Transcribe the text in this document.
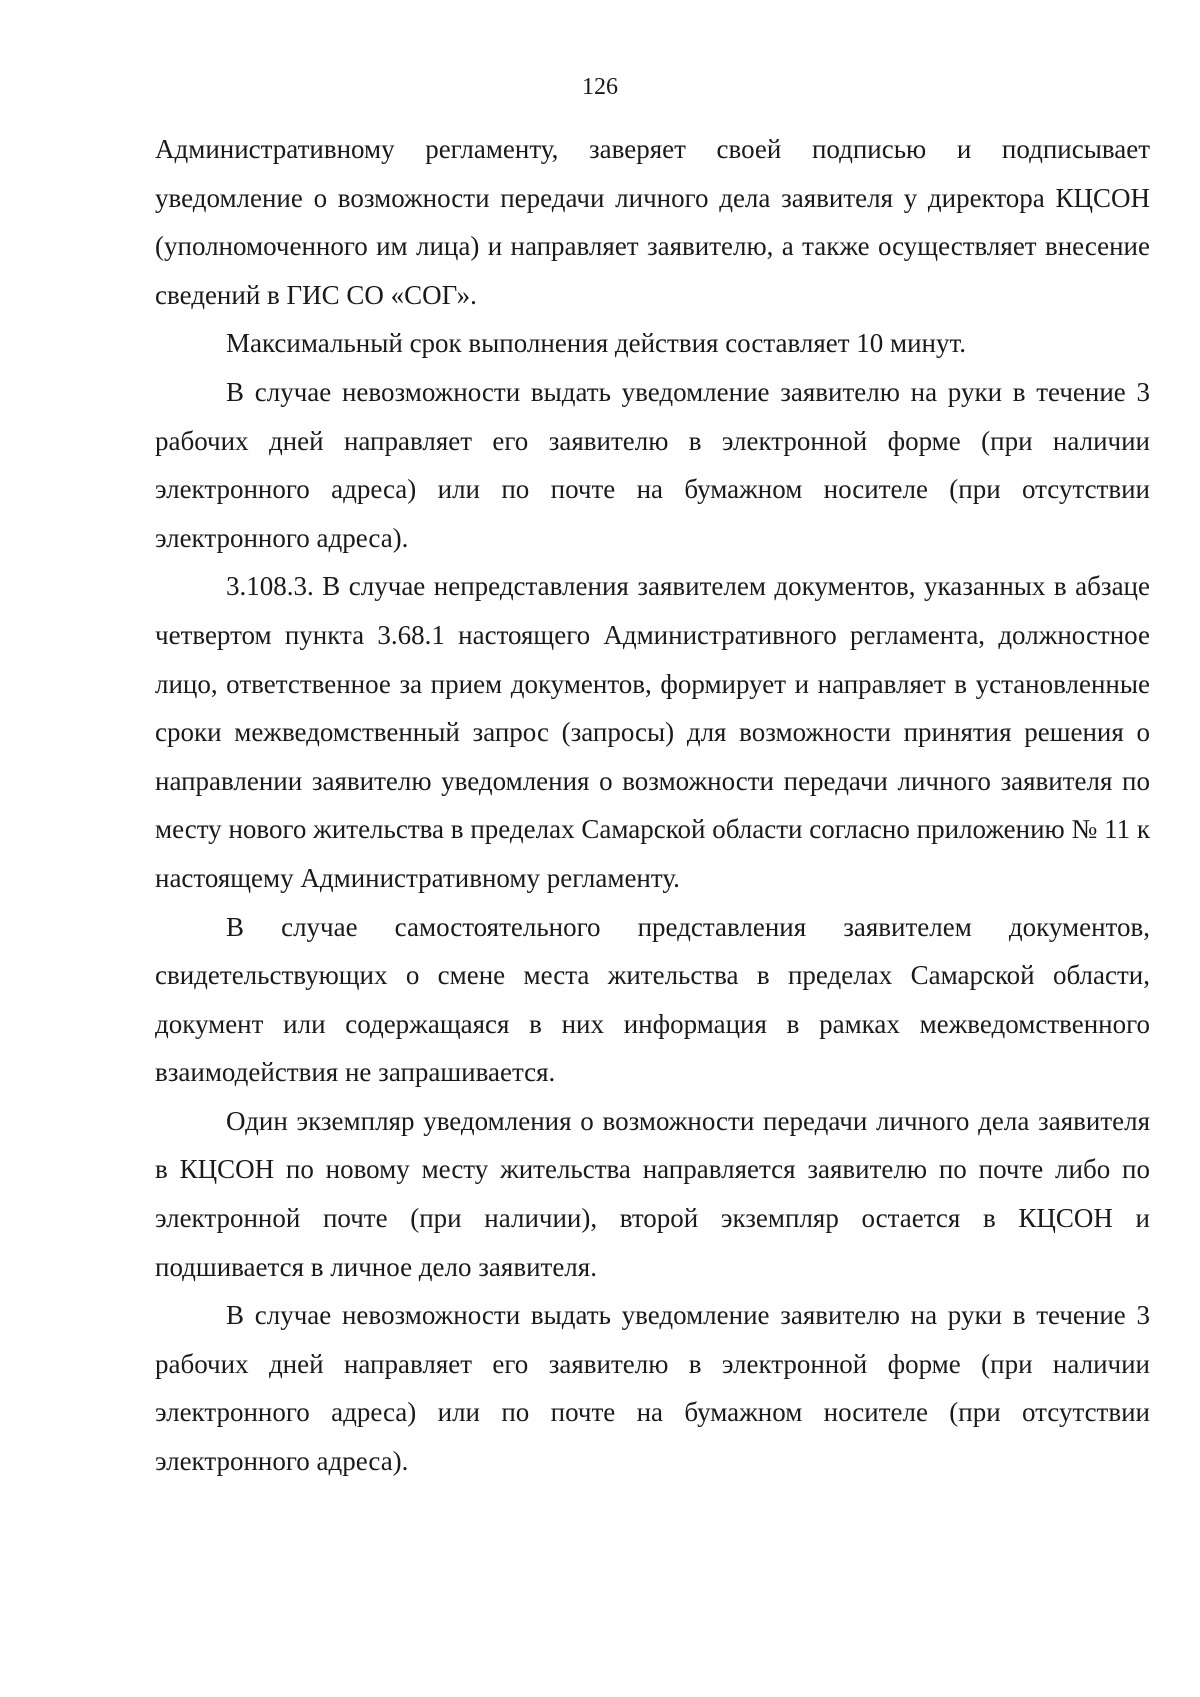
126

Административному регламенту, заверяет своей подписью и подписывает уведомление о возможности передачи личного дела заявителя у директора КЦСОН (уполномоченного им лица) и направляет заявителю, а также осуществляет внесение сведений в ГИС СО «СОГ».

Максимальный срок выполнения действия составляет 10 минут.

В случае невозможности выдать уведомление заявителю на руки в течение 3 рабочих дней направляет его заявителю в электронной форме (при наличии электронного адреса) или по почте на бумажном носителе (при отсутствии электронного адреса).

3.108.3. В случае непредставления заявителем документов, указанных в абзаце четвертом пункта 3.68.1 настоящего Административного регламента, должностное лицо, ответственное за прием документов, формирует и направляет в установленные сроки межведомственный запрос (запросы) для возможности принятия решения о направлении заявителю уведомления о возможности передачи личного заявителя по месту нового жительства в пределах Самарской области согласно приложению № 11 к настоящему Административному регламенту.

В случае самостоятельного представления заявителем документов, свидетельствующих о смене места жительства в пределах Самарской области, документ или содержащаяся в них информация в рамках межведомственного взаимодействия не запрашивается.

Один экземпляр уведомления о возможности передачи личного дела заявителя в КЦСОН по новому месту жительства направляется заявителю по почте либо по электронной почте (при наличии), второй экземпляр остается в КЦСОН и подшивается в личное дело заявителя.

В случае невозможности выдать уведомление заявителю на руки в течение 3 рабочих дней направляет его заявителю в электронной форме (при наличии электронного адреса) или по почте на бумажном носителе (при отсутствии электронного адреса).
